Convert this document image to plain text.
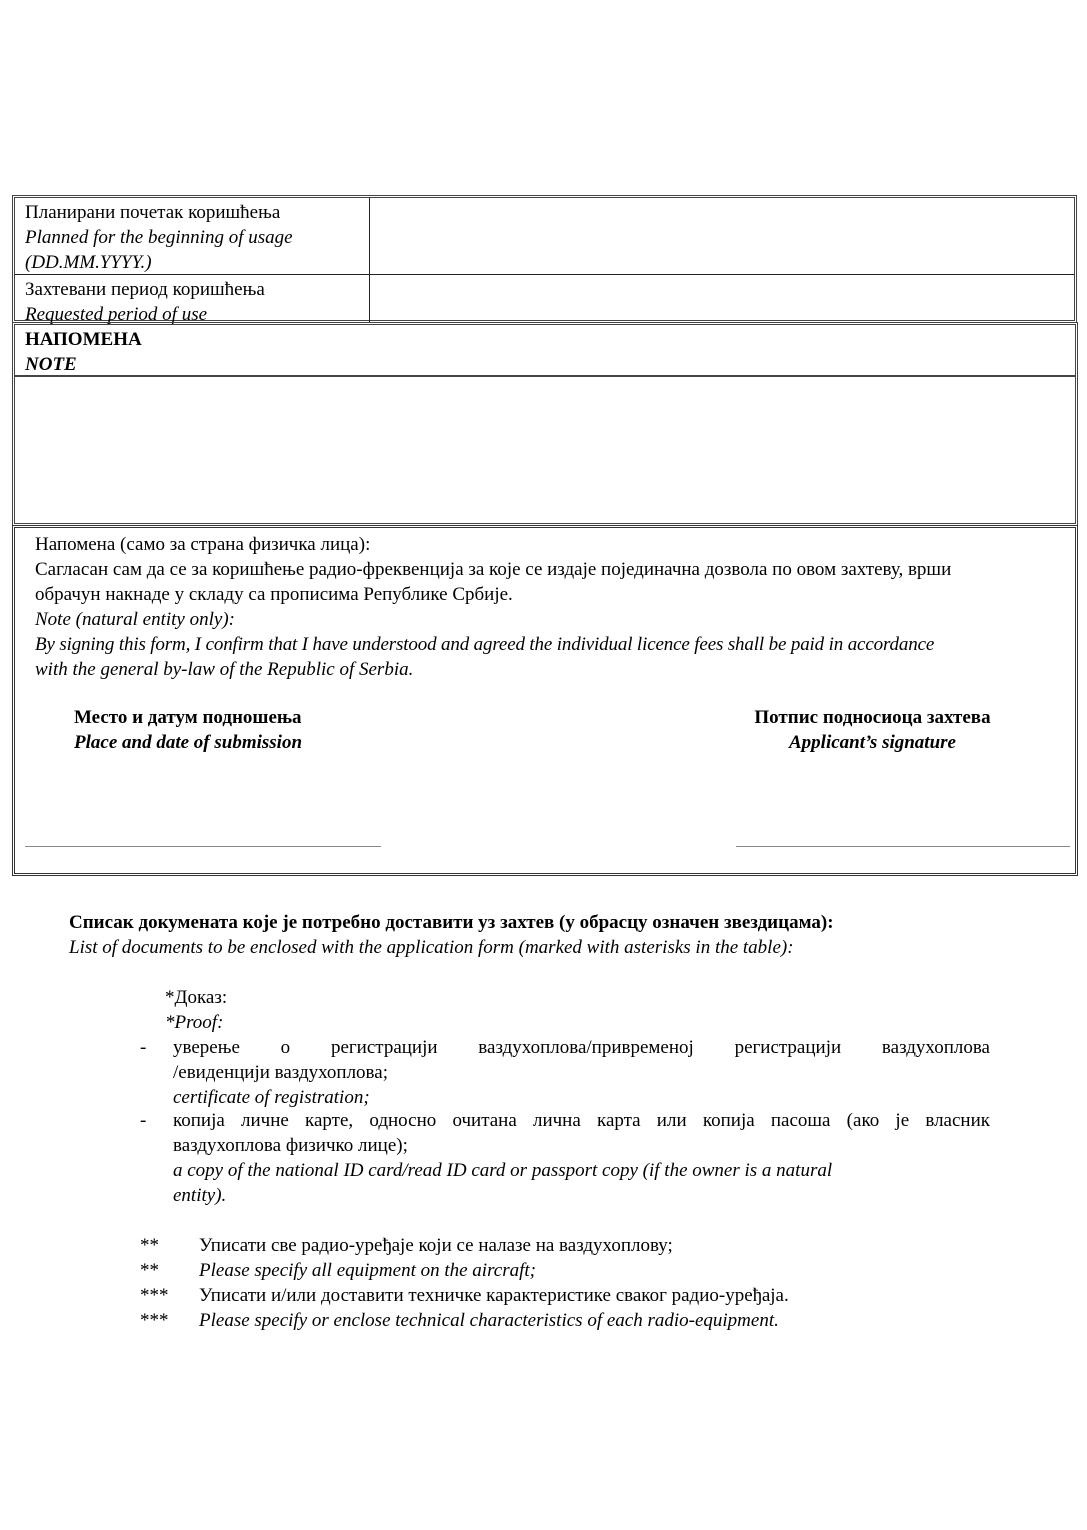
Планирани почетак коришћења
Planned for the beginning of usage
(DD.MM.YYYY.)
Захтевани период коришћења
Requested period of use
НАПОМЕНА
NOTE
Напомена (само за страна физичка лица):
Сагласан сам да се за коришћење радио-фреквенција за које се издаје појединачна дозвола по овом захтеву, врши
обрачун накнаде у складу са прописима Републике Србије.
Note (natural entity only):
By signing this form, I confirm that I have understood and agreed the individual licence fees shall be paid in accordance
with the general by-law of the Republic of Serbia.
Место и датум подношења
Place and date of submission
Потпис подносиоца захтева
Applicant’s signature
Списак докумената које је потребно доставити уз захтев (у обрасцу означен звездицама):
List of documents to be enclosed with the application form (marked with asterisks in the table):
*Доказ:
*Proof:
- уверење о регистрацији ваздухоплова/привременој регистрацији ваздухоплова
/евиденцији ваздухоплова;
certificate of registration;
- копија личне карте, односно очитана лична карта или копија пасоша (ако је власник
ваздухоплова физичко лице);
a copy of the national ID card/read ID card or passport copy (if the owner is a natural
entity).
** Уписати све радио-уређаје који се налазе на ваздухоплову;
** Please specify all equipment on the aircraft;
*** Уписати и/или доставити техничке карактеристике сваког радио-уређаја.
*** Please specify or enclose technical characteristics of each radio-equipment.
